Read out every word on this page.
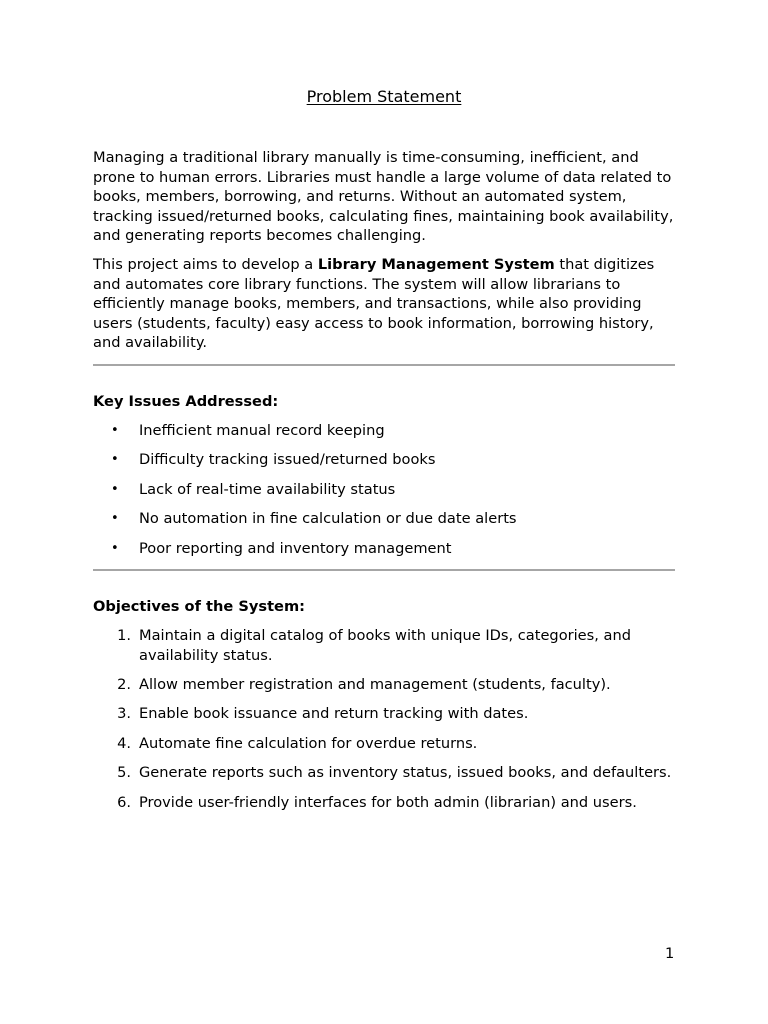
Problem Statement

Managing a traditional library manually is time-consuming, inefficient, and prone to human errors. Libraries must handle a large volume of data related to books, members, borrowing, and returns. Without an automated system, tracking issued/returned books, calculating fines, maintaining book availability, and generating reports becomes challenging.

This project aims to develop a Library Management System that digitizes and automates core library functions. The system will allow librarians to efficiently manage books, members, and transactions, while also providing users (students, faculty) easy access to book information, borrowing history, and availability.

Key Issues Addressed:
• Inefficient manual record keeping
• Difficulty tracking issued/returned books
• Lack of real-time availability status
• No automation in fine calculation or due date alerts
• Poor reporting and inventory management
Objectives of the System:
1. Maintain a digital catalog of books with unique IDs, categories, and availability status.
2. Allow member registration and management (students, faculty).
3. Enable book issuance and return tracking with dates.
4. Automate fine calculation for overdue returns.
5. Generate reports such as inventory status, issued books, and defaulters.
6. Provide user-friendly interfaces for both admin (librarian) and users.
1
